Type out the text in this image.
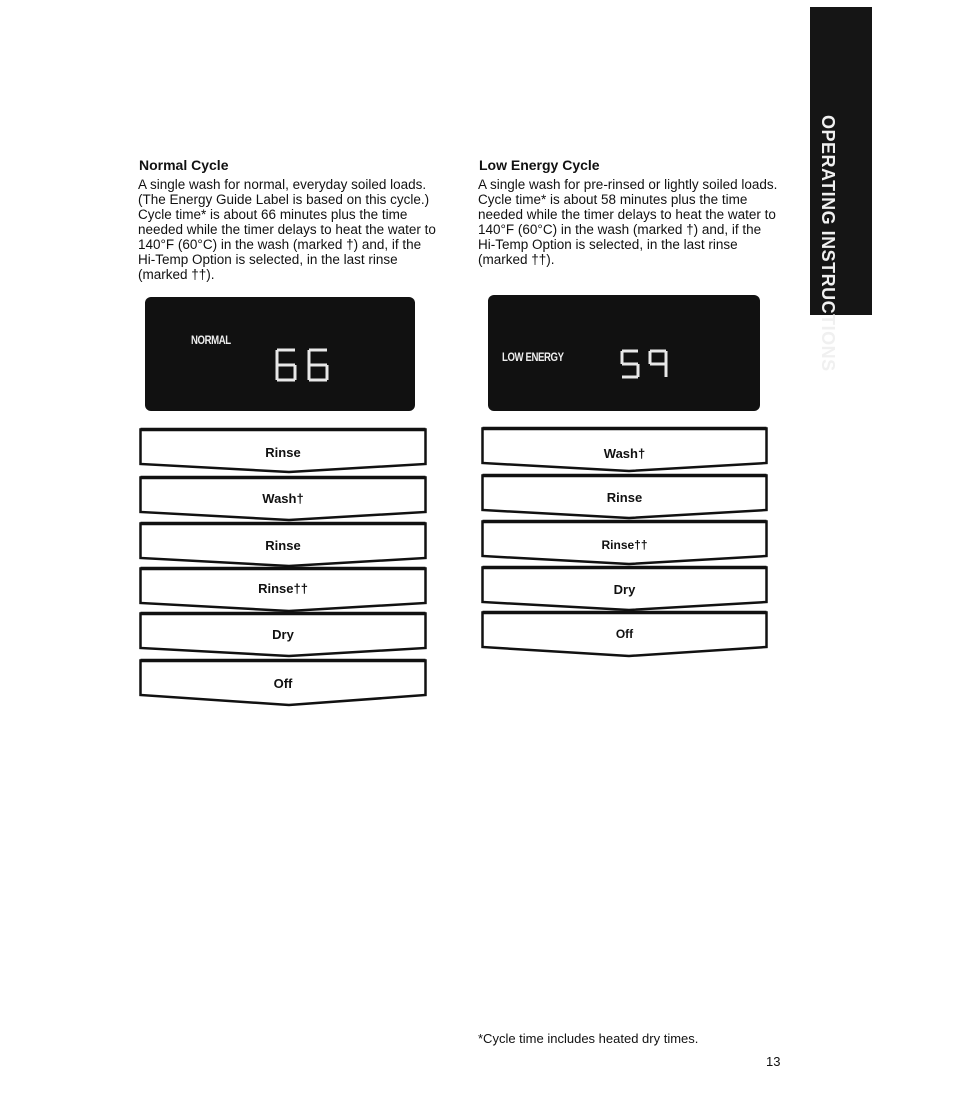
OPERATING INSTRUCTIONS
Normal Cycle
A single wash for normal, everyday soiled loads.
(The Energy Guide Label is based on this cycle.)
Cycle time* is about 66 minutes plus the time
needed while the timer delays to heat the water to
140°F (60°C) in the wash (marked †) and, if the
Hi-Temp Option is selected, in the last rinse
(marked ††).
Low Energy Cycle
A single wash for pre-rinsed or lightly soiled loads.
Cycle time* is about 58 minutes plus the time
needed while the timer delays to heat the water to
140°F (60°C) in the wash (marked †) and, if the
Hi-Temp Option is selected, in the last rinse
(marked ††).
NORMAL
LOW ENERGY
Rinse
Wash†
Rinse
Rinse††
Dry
Off
Wash†
Rinse
Rinse††
Dry
Off
*Cycle time includes heated dry times.
13
